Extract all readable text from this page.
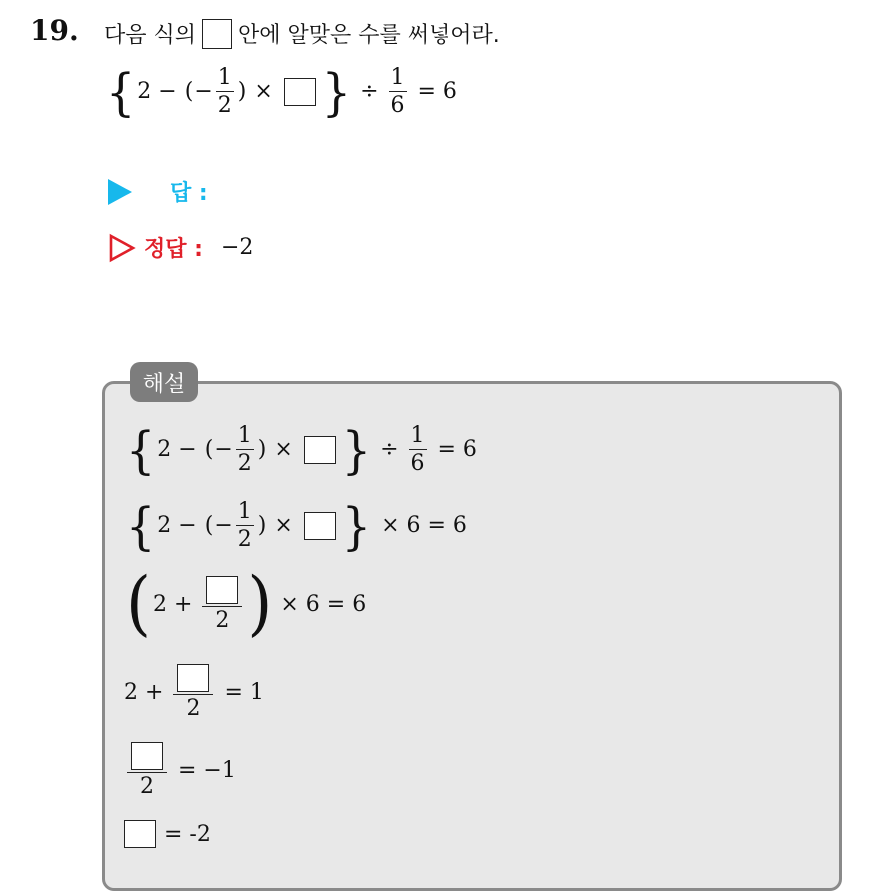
19. 다음 식의 안에 알맞은 수를 써넣어라.
{ 2 − ( − $\frac{1}{2}$ ) × } ÷ $\frac{1}{6} = 6$
답 :
정답 : −2
해설
{ 2 − ( − $\frac{1}{2}$ ) × } ÷ $\frac{1}{6} = 6$
{ 2 − ( − $\frac{1}{2}$ ) × } × 6 = 6
( 2 +
2 ) × 6 = 6
2 +
2
= 1
2
= −1
= -2
